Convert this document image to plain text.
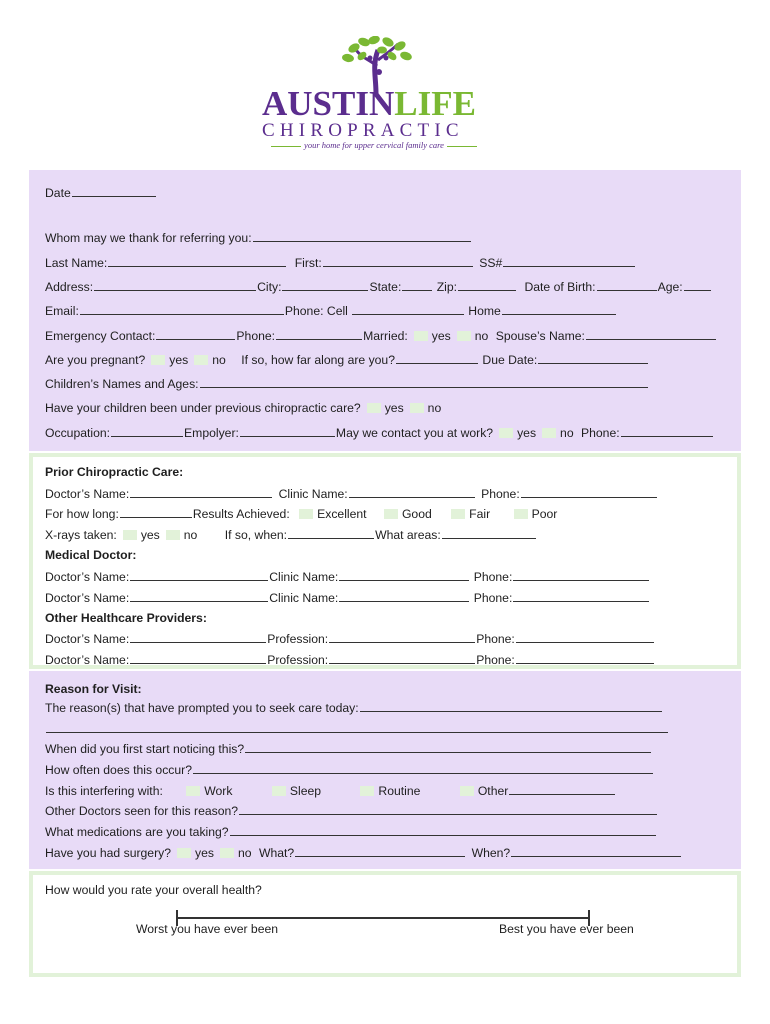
AUSTINLIFE
CHIROPRACTIC
your home for upper cervical family care
Date
Whom may we thank for referring you:
Last Name:	First:	SS#
Address:	City:	State:	Zip:	Date of Birth:	Age:
Email:	Phone: Cell	Home
Emergency Contact:	Phone:	Married: yes no Spouse’s Name:
Are you pregnant? yes no If so, how far along are you?	Due Date:
Children’s Names and Ages:
Have your children been under previous chiropractic care? yes no
Occupation:	Empolyer:	May we contact you at work? yes no Phone:
Prior Chiropractic Care:
Doctor’s Name:	Clinic Name:	Phone:
For how long:	Results Achieved: Excellent	Good	Fair	Poor
X-rays taken: yes no If so, when:	What areas:
Medical Doctor:
Doctor’s Name:	Clinic Name:	Phone:
Doctor’s Name:	Clinic Name:	Phone:
Other Healthcare Providers:
Doctor’s Name:	Profession:	Phone:
Doctor’s Name:	Profession:	Phone:
Reason for Visit:
The reason(s) that have prompted you to seek care today:
When did you first start noticing this?
How often does this occur?
Is this interfering with:	Work	Sleep	Routine	Other
Other Doctors seen for this reason?
What medications are you taking?
Have you had surgery? yes no What?	When?
How would you rate your overall health?
Worst you have ever been	Best you have ever been
